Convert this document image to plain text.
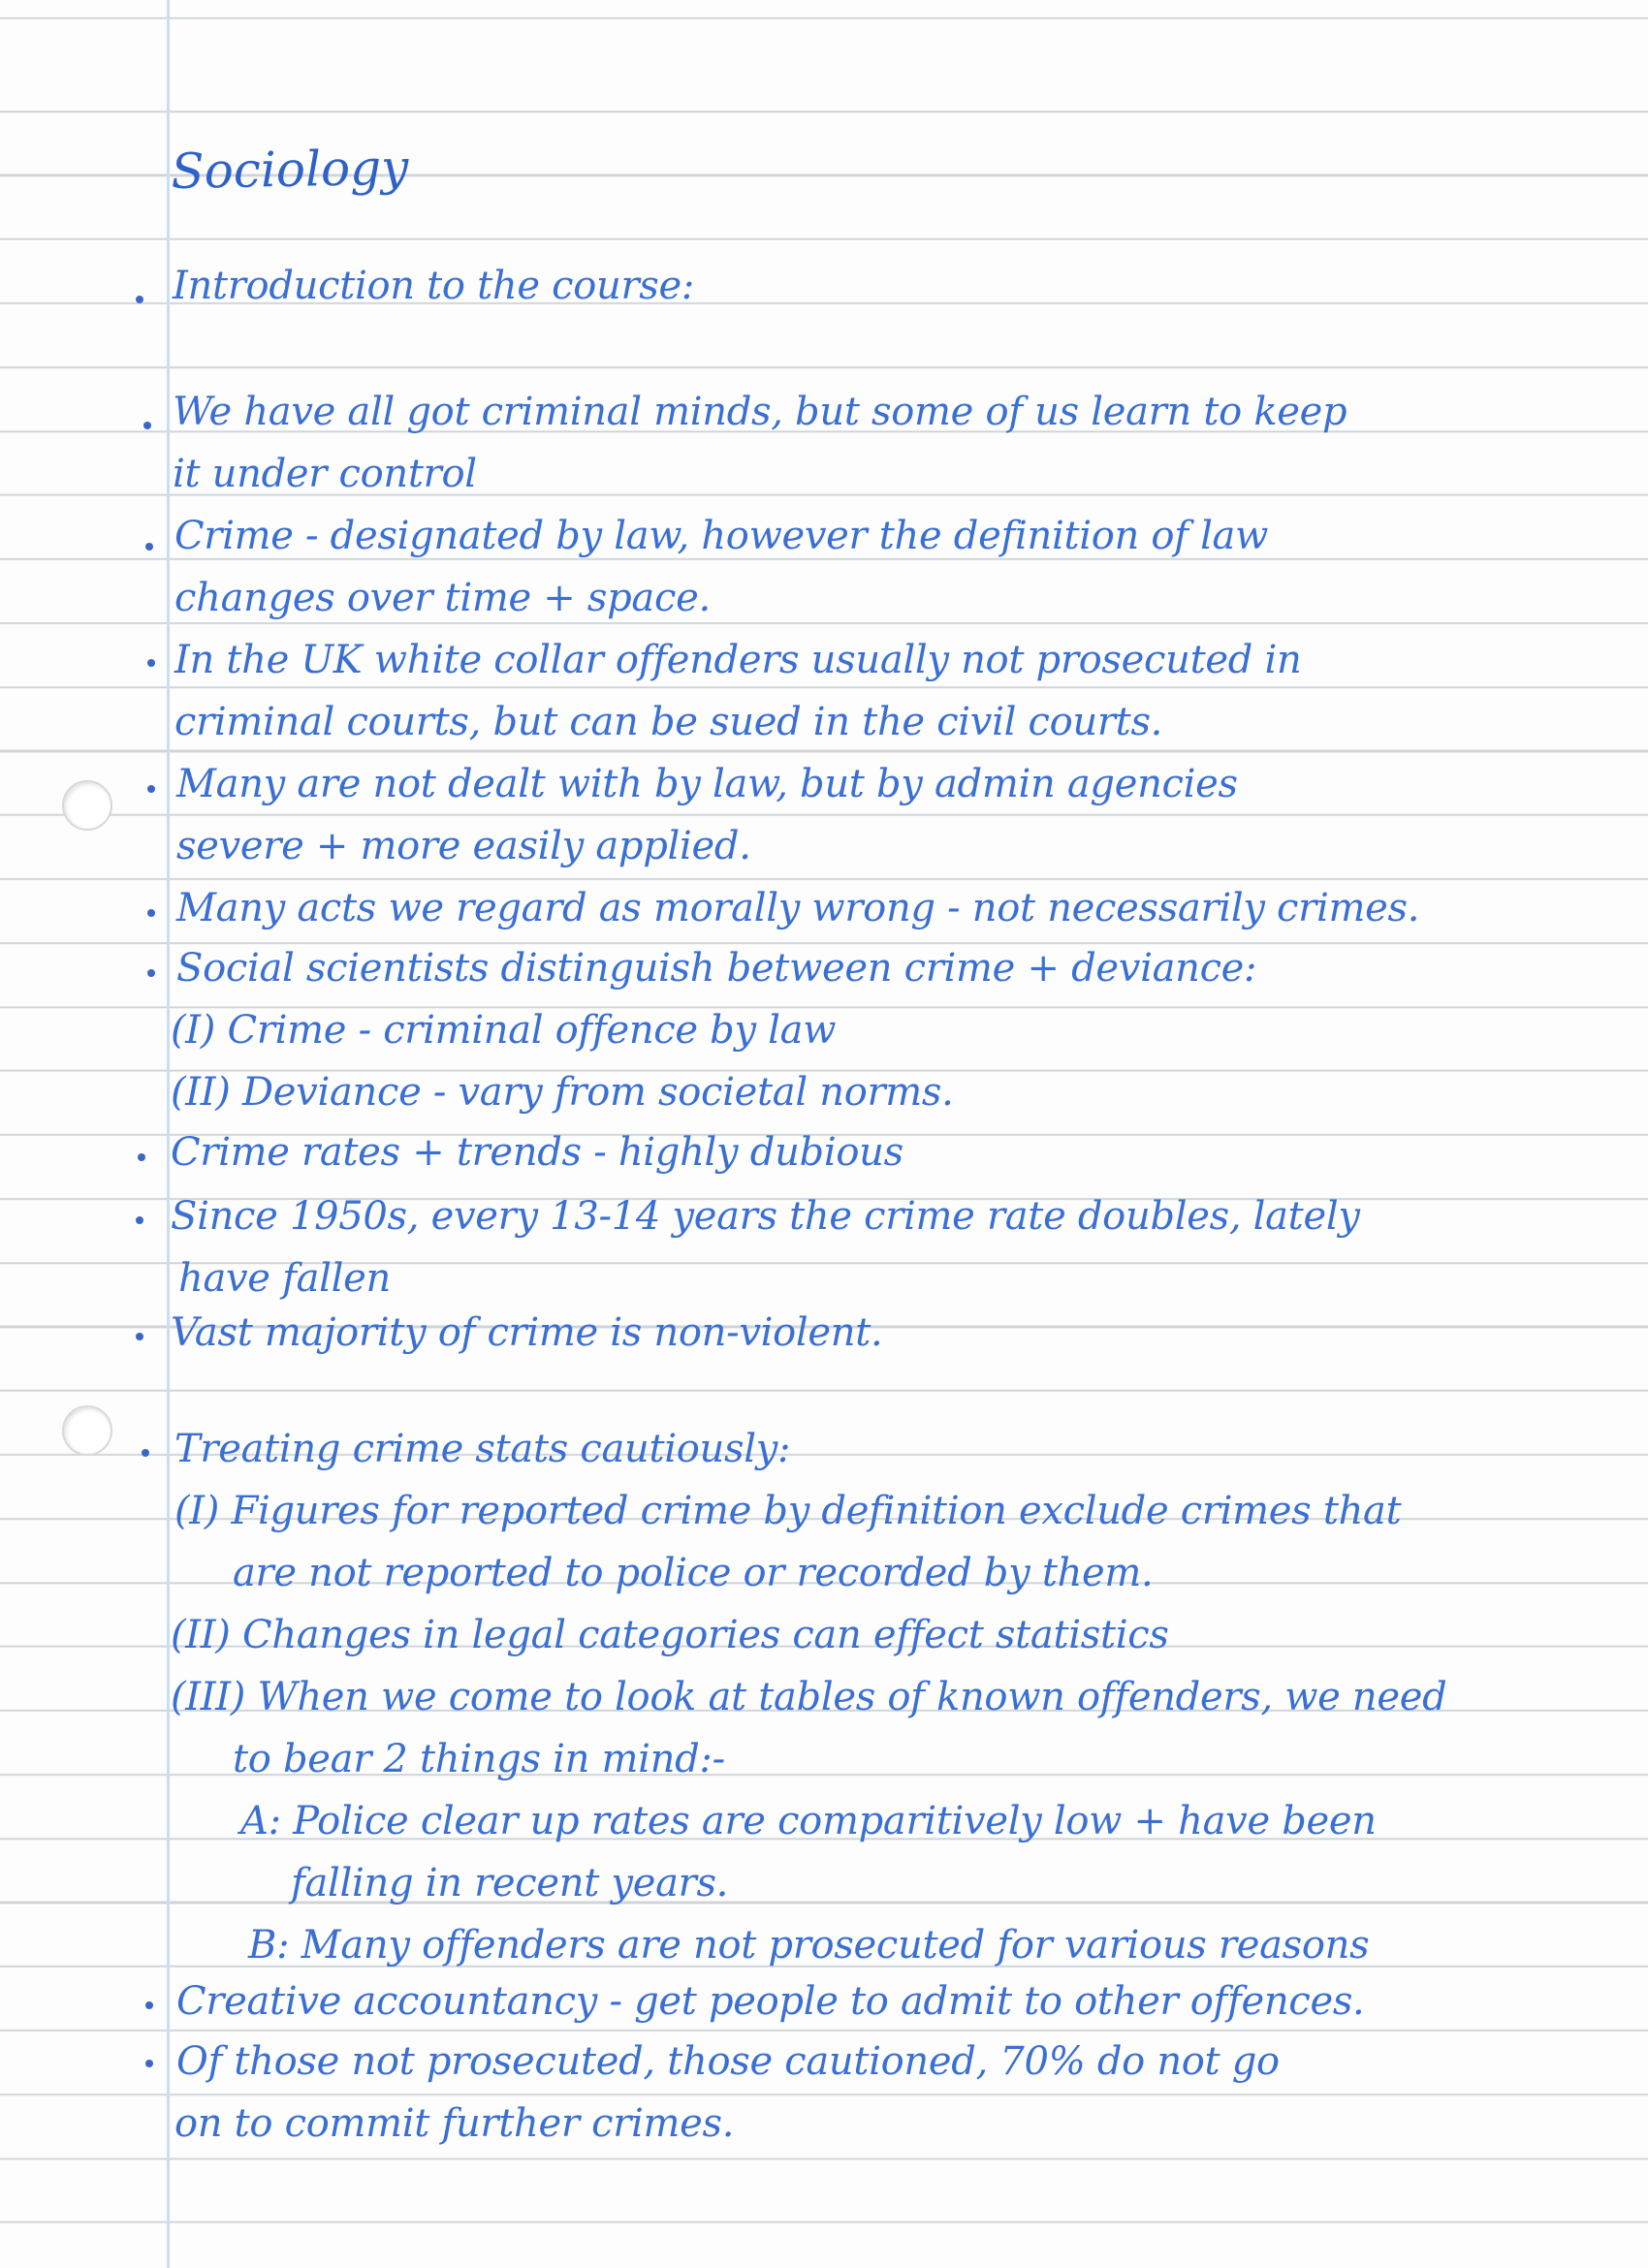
Sociology
Introduction to the course:
We have all got criminal minds, but some of us learn to keep
it under control
Crime - designated by law, however the definition of law
changes over time + space.
In the UK white collar offenders usually not prosecuted in
criminal courts, but can be sued in the civil courts.
Many are not dealt with by law, but by admin agencies
severe + more easily applied.
Many acts we regard as morally wrong - not necessarily crimes.
Social scientists distinguish between crime + deviance:
(I) Crime - criminal offence by law
(II) Deviance - vary from societal norms.
Crime rates + trends - highly dubious
Since 1950s, every 13-14 years the crime rate doubles, lately
have fallen
Vast majority of crime is non-violent.
Treating crime stats cautiously:
(I) Figures for reported crime by definition exclude crimes that
are not reported to police or recorded by them.
(II) Changes in legal categories can effect statistics
(III) When we come to look at tables of known offenders, we need
to bear 2 things in mind:-
A: Police clear up rates are comparitively low + have been
falling in recent years.
B: Many offenders are not prosecuted for various reasons
Creative accountancy - get people to admit to other offences.
Of those not prosecuted, those cautioned, 70% do not go
on to commit further crimes.
